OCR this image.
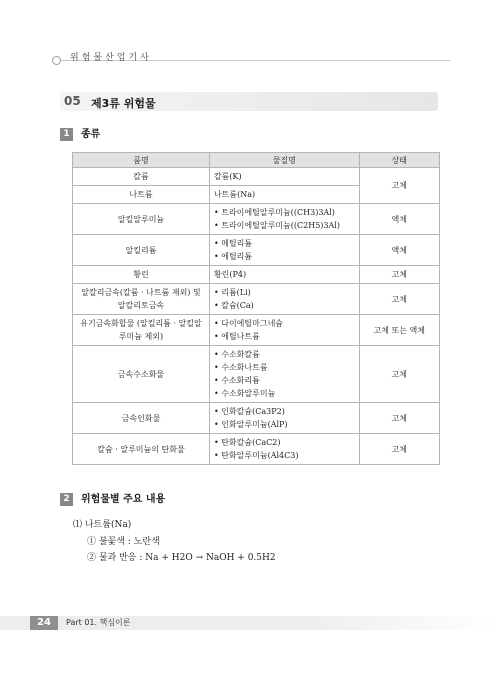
위험물산업기사
05 제3류 위험물
1	종류
품명	물질명	상태
칼륨	칼륨(K)	고체
나트륨	나트륨(Na)	

알킬알루미늄	• 트라이에틸알루미늄((CH3)3Al)
• 트라이에틸알루미늄((C2H5)3Al)	액체
알킬리튬	• 메틸리튬
• 에틸리튬	액체
황린	황린(P4)	고체
알칼리금속(칼륨 · 나트륨 제외) 및 알칼리토금속	• 리튬(Li)
• 칼슘(Ca)	고체
유기금속화합물 (알킬리튬 · 알킬알루미늄 제외)	• 다이에틸마그네슘
• 에틸나트륨	고체 또는 액체
금속수소화물	• 수소화칼륨
• 수소화나트륨
• 수소화리튬
• 수소화알루미늄	고체
금속인화물	• 인화칼슘(Ca3P2)
• 인화알루미늄(AlP)	고체
칼슘 · 알루미늄의 탄화물	• 탄화칼슘(CaC2)
• 탄화알루미늄(Al4C3)	고체
2	위험물별 주요 내용
⑴ 나트륨(Na)
① 불꽃색 : 노란색
② 물과 반응 : Na + H2O → NaOH + 0.5H2
24	Part 01. 핵심이론
